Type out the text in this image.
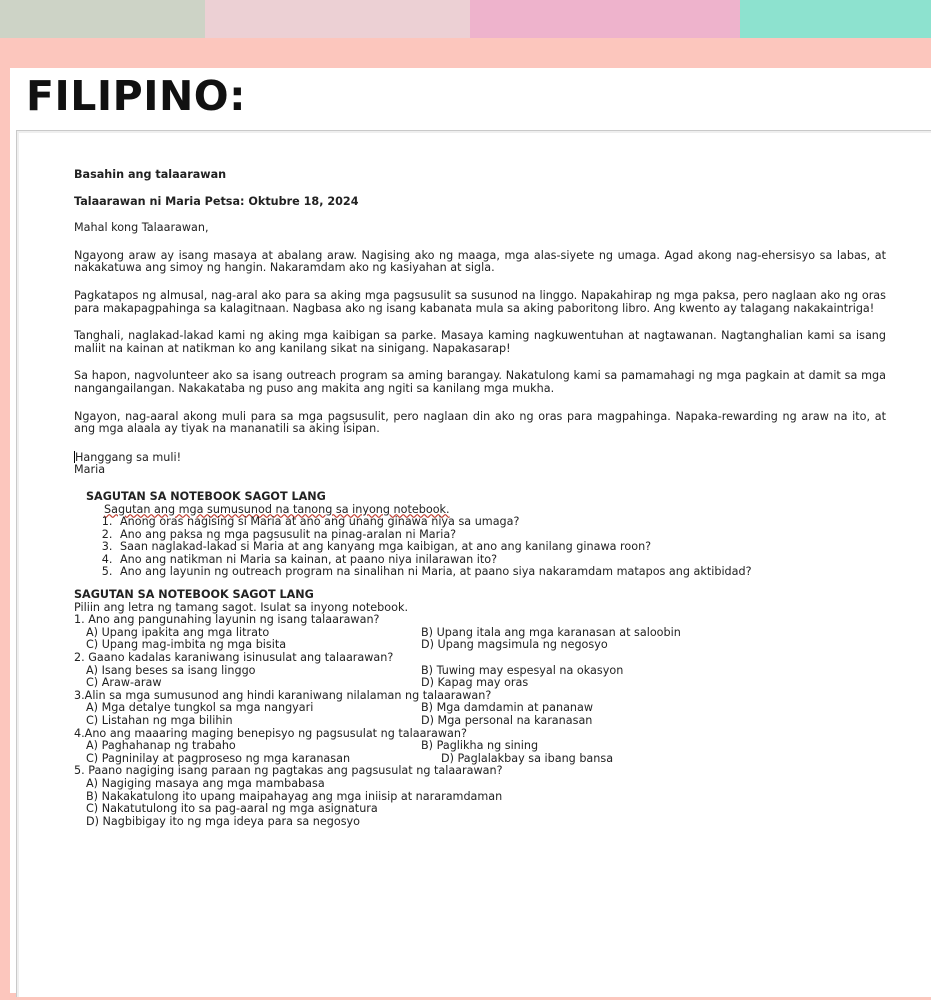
FILIPINO:

Basahin ang talaarawan

Talaarawan ni Maria Petsa: Oktubre 18, 2024

Mahal kong Talaarawan,

Ngayong araw ay isang masaya at abalang araw. Nagising ako ng maaga, mga alas-siyete ng umaga. Agad akong nag-ehersisyo sa labas, at nakakatuwa ang simoy ng hangin. Nakaramdam ako ng kasiyahan at sigla.

Pagkatapos ng almusal, nag-aral ako para sa aking mga pagsusulit sa susunod na linggo. Napakahirap ng mga paksa, pero naglaan ako ng oras para makapagpahinga sa kalagitnaan. Nagbasa ako ng isang kabanata mula sa aking paboritong libro. Ang kwento ay talagang nakakaintriga!

Tanghali, naglakad-lakad kami ng aking mga kaibigan sa parke. Masaya kaming nagkuwentuhan at nagtawanan. Nagtanghalian kami sa isang maliit na kainan at natikman ko ang kanilang sikat na sinigang. Napakasarap!

Sa hapon, nagvolunteer ako sa isang outreach program sa aming barangay. Nakatulong kami sa pamamahagi ng mga pagkain at damit sa mga nangangailangan. Nakakataba ng puso ang makita ang ngiti sa kanilang mga mukha.

Ngayon, nag-aaral akong muli para sa mga pagsusulit, pero naglaan din ako ng oras para magpahinga. Napaka-rewarding ng araw na ito, at ang mga alaala ay tiyak na mananatili sa aking isipan.

Hanggang sa muli!

Maria

SAGUTAN SA NOTEBOOK SAGOT LANG

Sagutan ang mga sumusunod na tanong sa inyong notebook.

1. Anong oras nagising si Maria at ano ang unang ginawa niya sa umaga?
2. Ano ang paksa ng mga pagsusulit na pinag-aralan ni Maria?
3. Saan naglakad-lakad si Maria at ang kanyang mga kaibigan, at ano ang kanilang ginawa roon?
4. Ano ang natikman ni Maria sa kainan, at paano niya inilarawan ito?
5. Ano ang layunin ng outreach program na sinalihan ni Maria, at paano siya nakaramdam matapos ang aktibidad?

SAGUTAN SA NOTEBOOK SAGOT LANG

Piliin ang letra ng tamang sagot. Isulat sa inyong notebook.

1. Ano ang pangunahing layunin ng isang talaarawan?

A) Upang ipakita ang mga litrato	B) Upang itala ang mga karanasan at saloobin
C) Upang mag-imbita ng mga bisita	D) Upang magsimula ng negosyo

2. Gaano kadalas karaniwang isinusulat ang talaarawan?

A) Isang beses sa isang linggo	B) Tuwing may espesyal na okasyon
C) Araw-araw	D) Kapag may oras

3.Alin sa mga sumusunod ang hindi karaniwang nilalaman ng talaarawan?

A) Mga detalye tungkol sa mga nangyari	B) Mga damdamin at pananaw
C) Listahan ng mga bilihin	D) Mga personal na karanasan

4.Ano ang maaaring maging benepisyo ng pagsusulat ng talaarawan?

A) Paghahanap ng trabaho	B) Paglikha ng sining
C) Pagninilay at pagproseso ng mga karanasan	D) Paglalakbay sa ibang bansa

5. Paano nagiging isang paraan ng pagtakas ang pagsusulat ng talaarawan?

A) Nagiging masaya ang mga mambabasa

B) Nakakatulong ito upang maipahayag ang mga iniisip at nararamdaman

C) Nakatutulong ito sa pag-aaral ng mga asignatura

D) Nagbibigay ito ng mga ideya para sa negosyo
